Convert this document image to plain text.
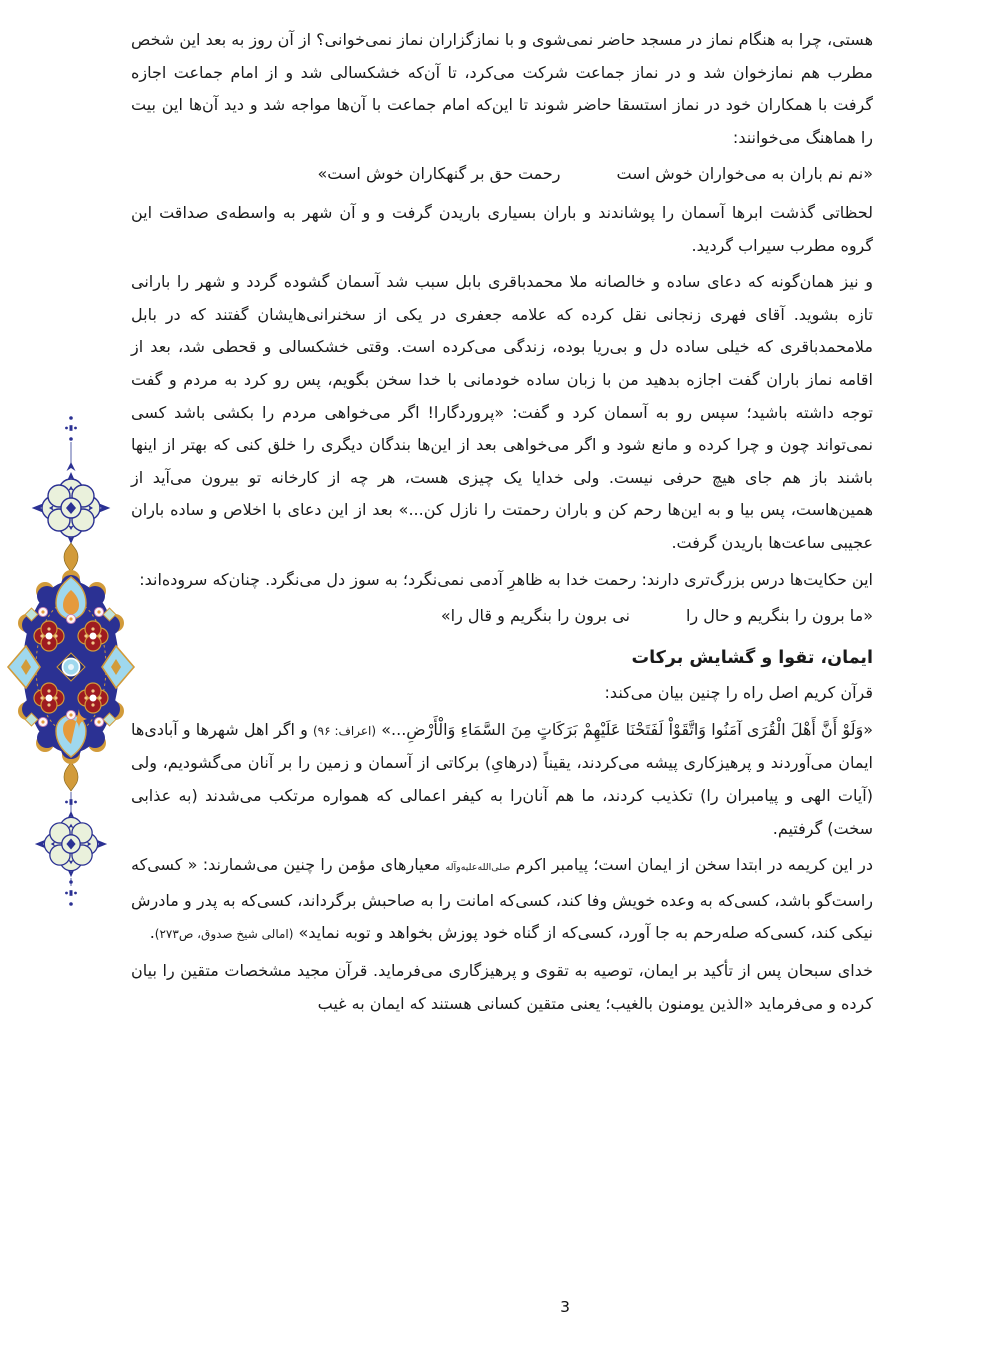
هستی، چرا به هنگام نماز در مسجد حاضر نمی‌شوی و با نمازگزاران نماز نمی‌خوانی؟ از آن روز به بعد این شخص مطرب هم نمازخوان شد و در نماز جماعت شرکت می‌کرد، تا آن‌که خشکسالی شد و از امام جماعت اجازه گرفت با همکاران خود در نماز استسقا حاضر شوند تا این‌که امام جماعت با آن‌ها مواجه شد و دید آن‌ها این بیت را هماهنگ می‌خوانند:

«نم نم باران به می‌خواران خوش است
رحمت حق بر گنهکاران خوش است»

لحظاتی گذشت ابرها آسمان را پوشاندند و باران بسیاری باریدن گرفت و و آن شهر به واسطه‌ی صداقت این گروه مطرب سیراب گردید.

و نیز همان‌گونه که دعای ساده و خالصانه ملا محمدباقری بابل سبب شد آسمان گشوده گردد و شهر را بارانی تازه بشوید. آقای فهری زنجانی نقل کرده که علامه جعفری در یکی از سخنرانی‌هایشان گفتند که در بابل ملامحمدباقری که خیلی ساده دل و بی‌ریا بوده، زندگی می‌کرده است. وقتی خشکسالی و قحطی شد، بعد از اقامه نماز باران گفت اجازه بدهید من با زبان ساده خودمانی با خدا سخن بگویم، پس رو کرد به مردم و گفت توجه داشته باشید؛ سپس رو به آسمان کرد و گفت: «پروردگارا! اگر می‌خواهی مردم را بکشی باشد کسی نمی‌تواند چون و چرا کرده و مانع شود و اگر می‌خواهی بعد از این‌ها بندگان دیگری را خلق کنی که بهتر از اینها باشند باز هم جای هیچ حرفی نیست. ولی خدایا یک چیزی هست، هر چه از کارخانه تو بیرون می‌آید از همین‌هاست، پس بیا و به این‌ها رحم کن و باران رحمتت را نازل کن...» بعد از این دعای با اخلاص و ساده باران عجیبی ساعت‌ها باریدن گرفت.

این حکایت‌ها درس بزرگ‌تری دارند: رحمت خدا به ظاهرِ آدمی نمی‌نگرد؛ به سوز دل می‌نگرد. چنان‌که سروده‌اند:

«ما برون را بنگریم و حال را
نی برون را بنگریم و قال را»
ایمان، تقوا و گشایش برکات

قرآن کریم اصل راه را چنین بیان می‌کند:

«وَلَوْ أَنَّ أَهْلَ الْقُرَى آمَنُوا وَاتَّقَوْاْ لَفَتَحْنَا عَلَيْهِمْ بَرَكَاتٍ مِنَ السَّمَاءِ وَالْأَرْضِ...» (اعراف: ۹۶) و اگر اهل شهرها و آبادی‌ها ایمان می‌آوردند و پرهیزکاری پیشه می‌کردند، یقیناً (درهایِ) برکاتی از آسمان و زمین را بر آنان می‌گشودیم، ولی (آیات الهی و پیامبران را) تکذیب کردند، ما هم آنان‌را به کیفر اعمالی که همواره مرتکب می‌شدند (به عذابی سخت) گرفتیم.

در این کریمه در ابتدا سخن از ایمان است؛ پیامبر اکرم صلی‌الله‌علیه‌وآله معیارهای مؤمن را چنین می‌شمارند: « کسی‌که راست‌گو باشد، کسی‌که به وعده خویش وفا کند، کسی‌که امانت را به صاحبش برگرداند، کسی‌که به پدر و مادرش نیکی کند، کسی‌که صله‌رحم به جا آورد، کسی‌که از گناه خود پوزش بخواهد و توبه نماید» (امالی شیخ صدوق، ص۲۷۳).

خدای سبحان پس از تأکید بر ایمان، توصیه به تقوی و پرهیزگاری می‌فرماید. قرآن مجید مشخصات متقین را بیان کرده و می‌فرماید «الذین یومنون بالغیب؛ یعنی متقین کسانی هستند که ایمان به غیب

3
